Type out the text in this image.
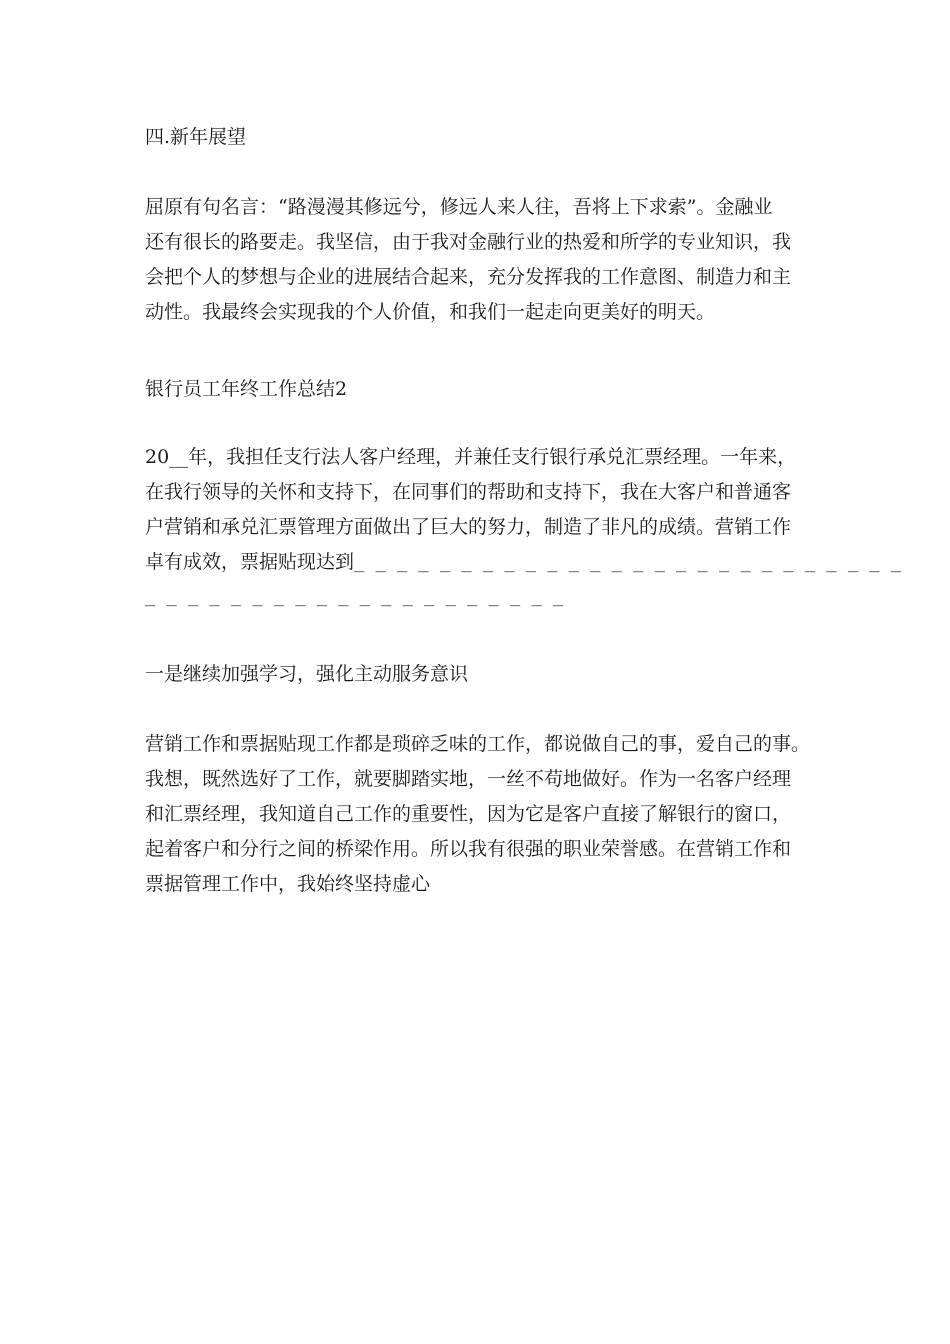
四.新年展望
屈原有句名言：“路漫漫其修远兮，修远人来人往，吾将上下求索”。金融业
还有很长的路要走。我坚信，由于我对金融行业的热爱和所学的专业知识，我
会把个人的梦想与企业的进展结合起来，充分发挥我的工作意图、制造力和主
动性。我最终会实现我的个人价值，和我们一起走向更美好的明天。
银行员工年终工作总结2
20__年，我担任支行法人客户经理，并兼任支行银行承兑汇票经理。一年来，
在我行领导的关怀和支持下，在同事们的帮助和支持下，我在大客户和普通客
户营销和承兑汇票管理方面做出了巨大的努力，制造了非凡的成绩。营销工作
卓有成效，票据贴现达到_ _ _ _ _ _ _ _ _ _ _ _ _ _ _ _ _ _ _ _ _ _ _ _ _ _
_ _ _ _ _ _ _ _ _ _ _ _ _ _ _ _ _ _ _ _
一是继续加强学习，强化主动服务意识
营销工作和票据贴现工作都是琐碎乏味的工作，都说做自己的事，爱自己的事。
我想，既然选好了工作，就要脚踏实地，一丝不苟地做好。作为一名客户经理
和汇票经理，我知道自己工作的重要性，因为它是客户直接了解银行的窗口，
起着客户和分行之间的桥梁作用。所以我有很强的职业荣誉感。在营销工作和
票据管理工作中，我始终坚持虚心
